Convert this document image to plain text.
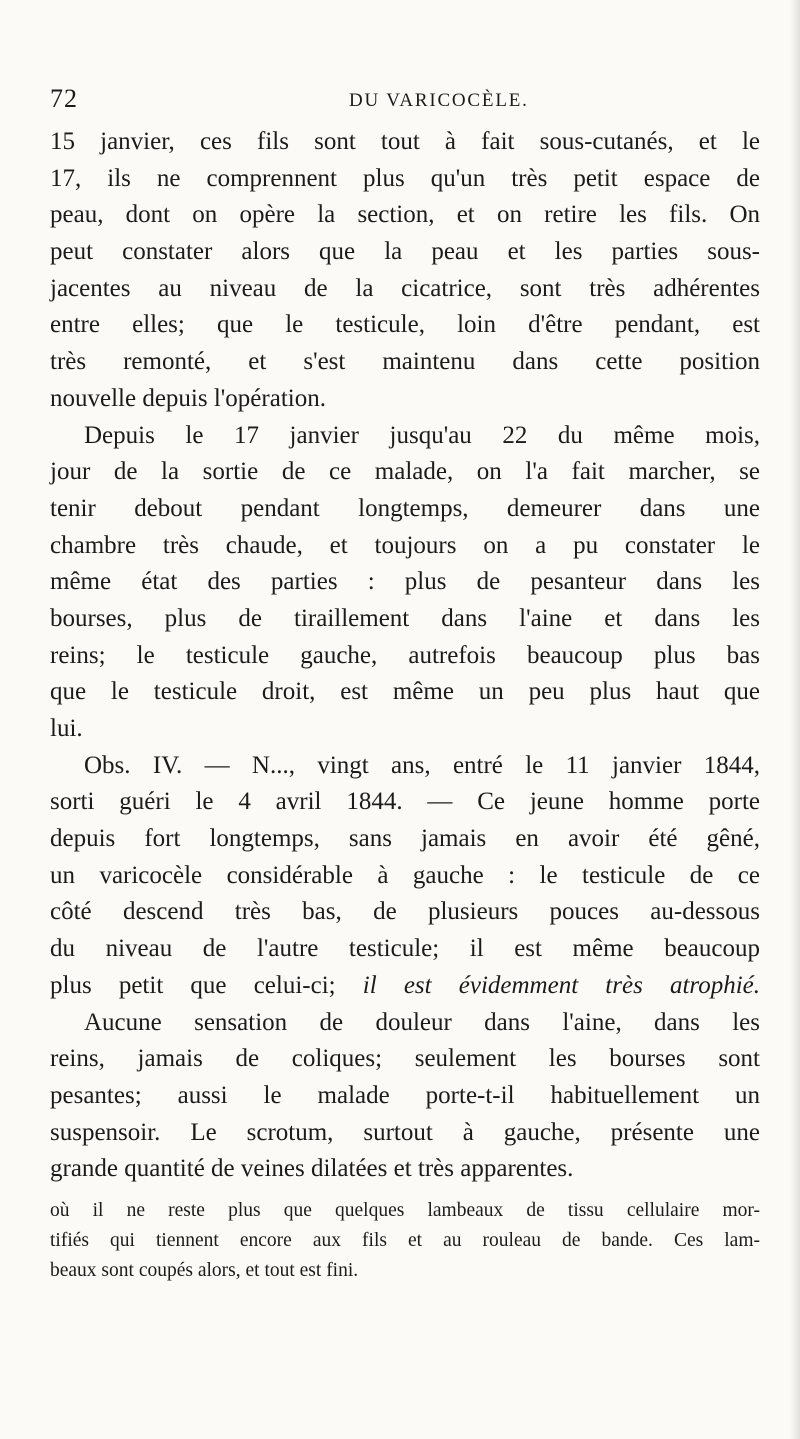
72	DU VARICOCÈLE.
15 janvier, ces fils sont tout à fait sous-cutanés, et le
17, ils ne comprennent plus qu'un très petit espace de
peau, dont on opère la section, et on retire les fils. On
peut constater alors que la peau et les parties sous-
jacentes au niveau de la cicatrice, sont très adhérentes
entre elles; que le testicule, loin d'être pendant, est
très remonté, et s'est maintenu dans cette position
nouvelle depuis l'opération.
Depuis le 17 janvier jusqu'au 22 du même mois,
jour de la sortie de ce malade, on l'a fait marcher, se
tenir debout pendant longtemps, demeurer dans une
chambre très chaude, et toujours on a pu constater le
même état des parties : plus de pesanteur dans les
bourses, plus de tiraillement dans l'aine et dans les
reins; le testicule gauche, autrefois beaucoup plus bas
que le testicule droit, est même un peu plus haut que
lui.
Obs. IV. — N..., vingt ans, entré le 11 janvier 1844,
sorti guéri le 4 avril 1844. — Ce jeune homme porte
depuis fort longtemps, sans jamais en avoir été gêné,
un varicocèle considérable à gauche : le testicule de ce
côté descend très bas, de plusieurs pouces au-dessous
du niveau de l'autre testicule; il est même beaucoup
plus petit que celui-ci; il est évidemment très atrophié.
Aucune sensation de douleur dans l'aine, dans les
reins, jamais de coliques; seulement les bourses sont
pesantes; aussi le malade porte-t-il habituellement un
suspensoir. Le scrotum, surtout à gauche, présente une
grande quantité de veines dilatées et très apparentes.
où il ne reste plus que quelques lambeaux de tissu cellulaire mor-
tifiés qui tiennent encore aux fils et au rouleau de bande. Ces lam-
beaux sont coupés alors, et tout est fini.
